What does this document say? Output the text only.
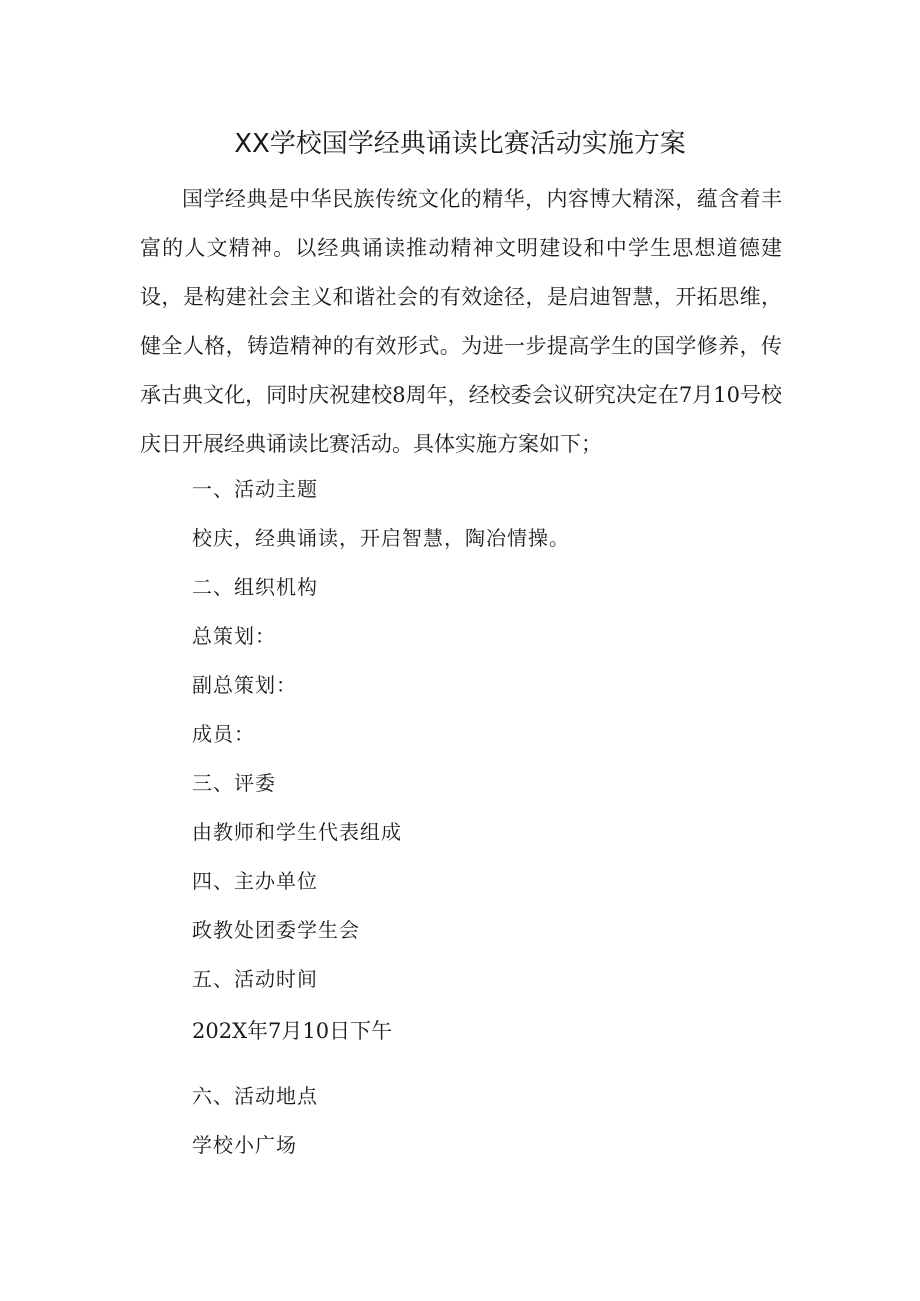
XX学校国学经典诵读比赛活动实施方案

国学经典是中华民族传统文化的精华，内容博大精深，蕴含着丰富的人文精神。以经典诵读推动精神文明建设和中学生思想道德建设，是构建社会主义和谐社会的有效途径，是启迪智慧，开拓思维，健全人格，铸造精神的有效形式。为进一步提高学生的国学修养，传承古典文化，同时庆祝建校8周年，经校委会议研究决定在7月10号校庆日开展经典诵读比赛活动。具体实施方案如下；

一、活动主题

校庆，经典诵读，开启智慧，陶冶情操。

二、组织机构

总策划：

副总策划：

成员：

三、评委

由教师和学生代表组成

四、主办单位

政教处团委学生会

五、活动时间

202X年7月10日下午

六、活动地点

学校小广场
